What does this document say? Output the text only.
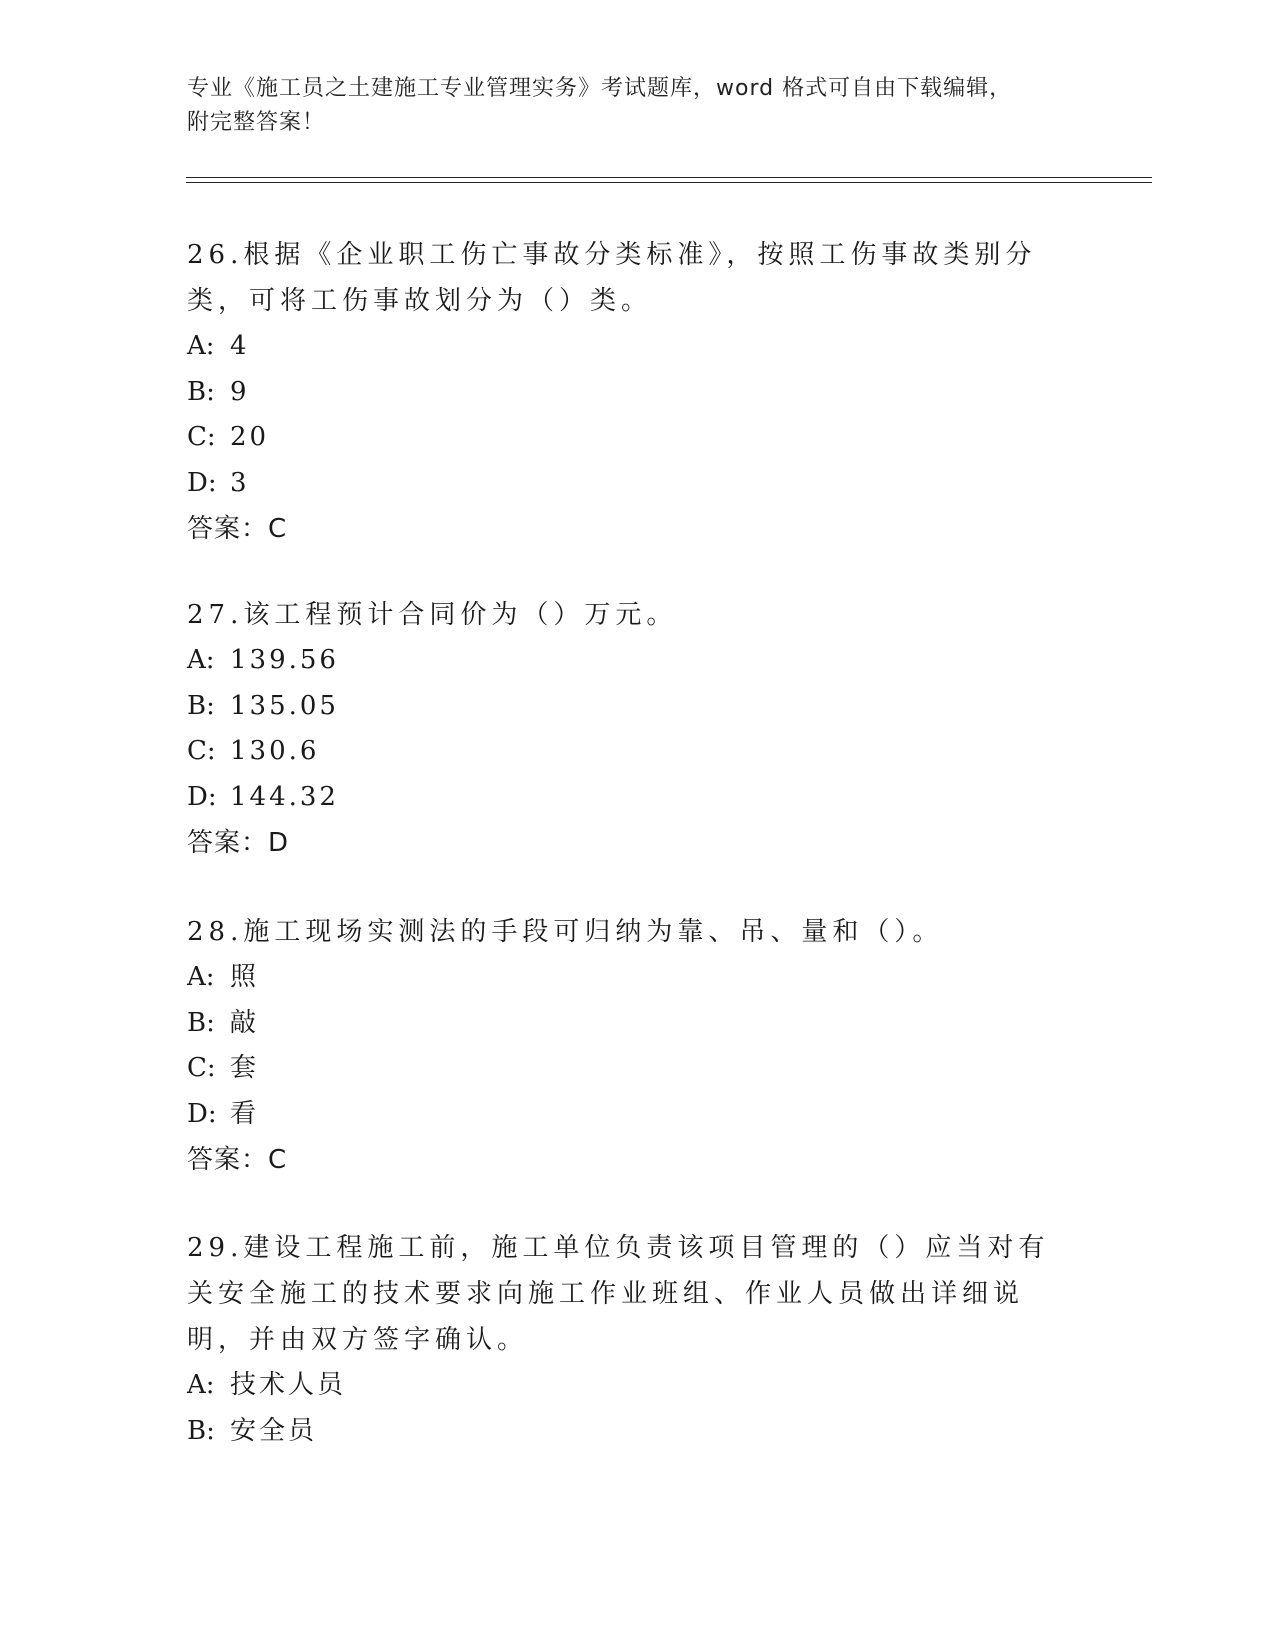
专业《施工员之土建施工专业管理实务》考试题库，word 格式可自由下载编辑，
附完整答案！

26.根据《企业职工伤亡事故分类标准》，按照工伤事故类别分类，可将工伤事故划分为（）类。

A: 4
B: 9
C: 20
D: 3
答案：C

27.该工程预计合同价为（）万元。

A: 139.56
B: 135.05
C: 130.6
D: 144.32
答案：D

28.施工现场实测法的手段可归纳为靠、吊、量和（）。

A: 照
B: 敲
C: 套
D: 看
答案：C

29.建设工程施工前，施工单位负责该项目管理的（）应当对有关安全施工的技术要求向施工作业班组、作业人员做出详细说明，并由双方签字确认。

A: 技术人员
B: 安全员
